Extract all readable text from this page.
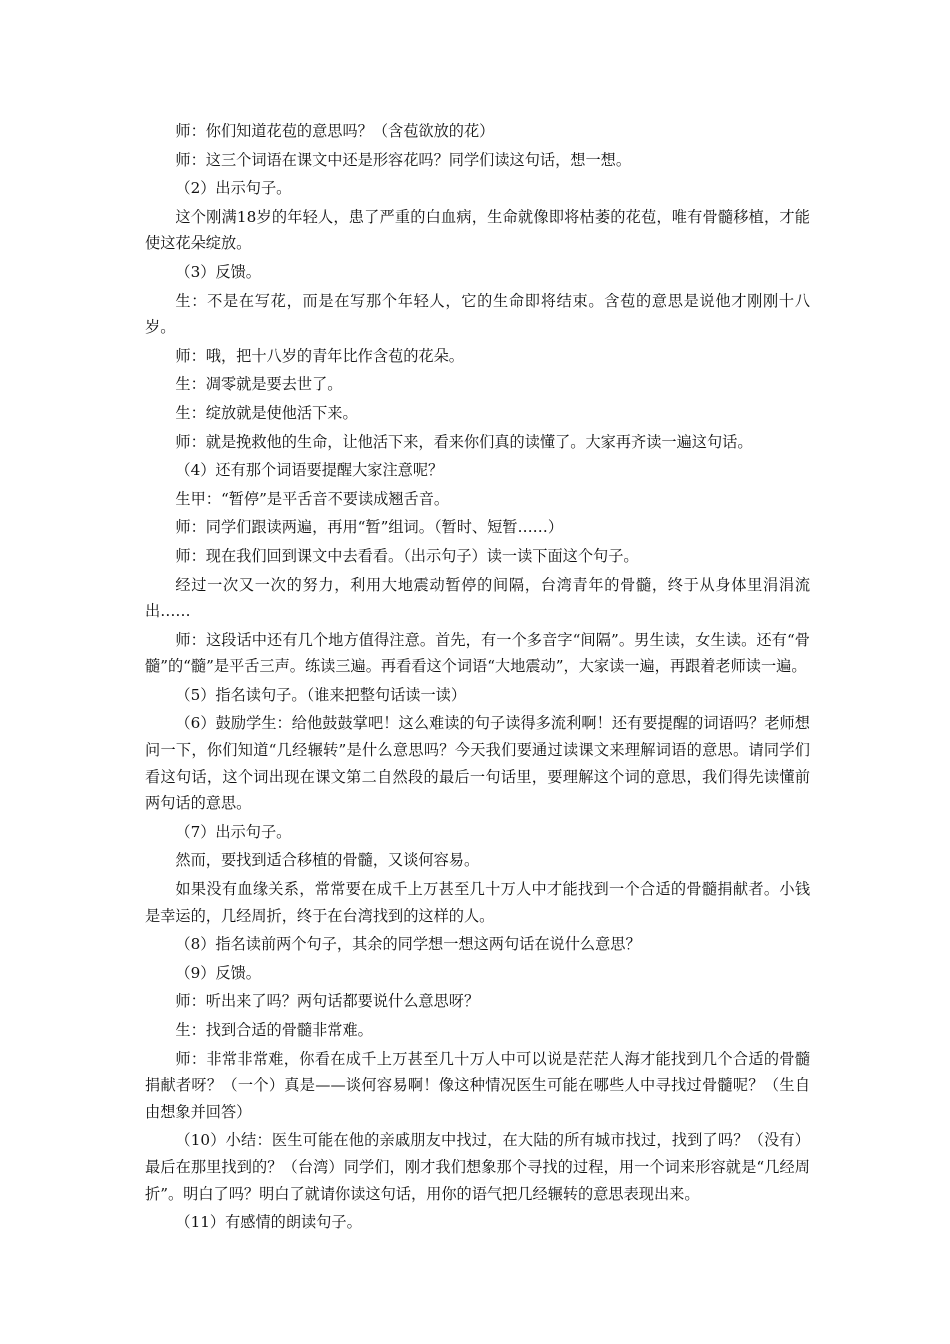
师：你们知道花苞的意思吗？（含苞欲放的花）

师：这三个词语在课文中还是形容花吗？同学们读这句话，想一想。

（2）出示句子。

这个刚满18岁的年轻人，患了严重的白血病，生命就像即将枯萎的花苞，唯有骨髓移植，才能使这花朵绽放。

（3）反馈。

生：不是在写花，而是在写那个年轻人，它的生命即将结束。含苞的意思是说他才刚刚十八岁。

师：哦，把十八岁的青年比作含苞的花朵。

生：凋零就是要去世了。

生：绽放就是使他活下来。

师：就是挽救他的生命，让他活下来，看来你们真的读懂了。大家再齐读一遍这句话。

（4）还有那个词语要提醒大家注意呢？

生甲：“暂停”是平舌音不要读成翘舌音。

师：同学们跟读两遍，再用“暂”组词。（暂时、短暂……）

师：现在我们回到课文中去看看。（出示句子）读一读下面这个句子。

经过一次又一次的努力，利用大地震动暂停的间隔，台湾青年的骨髓，终于从身体里涓涓流出……

师：这段话中还有几个地方值得注意。首先，有一个多音字“间隔”。男生读，女生读。还有“骨髓”的“髓”是平舌三声。练读三遍。再看看这个词语“大地震动”，大家读一遍，再跟着老师读一遍。

（5）指名读句子。（谁来把整句话读一读）

（6）鼓励学生：给他鼓鼓掌吧！这么难读的句子读得多流利啊！还有要提醒的词语吗？老师想问一下，你们知道“几经辗转”是什么意思吗？今天我们要通过读课文来理解词语的意思。请同学们看这句话，这个词出现在课文第二自然段的最后一句话里，要理解这个词的意思，我们得先读懂前两句话的意思。

（7）出示句子。

然而，要找到适合移植的骨髓，又谈何容易。

如果没有血缘关系，常常要在成千上万甚至几十万人中才能找到一个合适的骨髓捐献者。小钱是幸运的，几经周折，终于在台湾找到的这样的人。

（8）指名读前两个句子，其余的同学想一想这两句话在说什么意思？

（9）反馈。

师：听出来了吗？两句话都要说什么意思呀？

生：找到合适的骨髓非常难。

师：非常非常难，你看在成千上万甚至几十万人中可以说是茫茫人海才能找到几个合适的骨髓捐献者呀？（一个）真是——谈何容易啊！像这种情况医生可能在哪些人中寻找过骨髓呢？（生自由想象并回答）

（10）小结：医生可能在他的亲戚朋友中找过，在大陆的所有城市找过，找到了吗？（没有）最后在那里找到的？（台湾）同学们，刚才我们想象那个寻找的过程，用一个词来形容就是“几经周折”。明白了吗？明白了就请你读这句话，用你的语气把几经辗转的意思表现出来。

（11）有感情的朗读句子。
